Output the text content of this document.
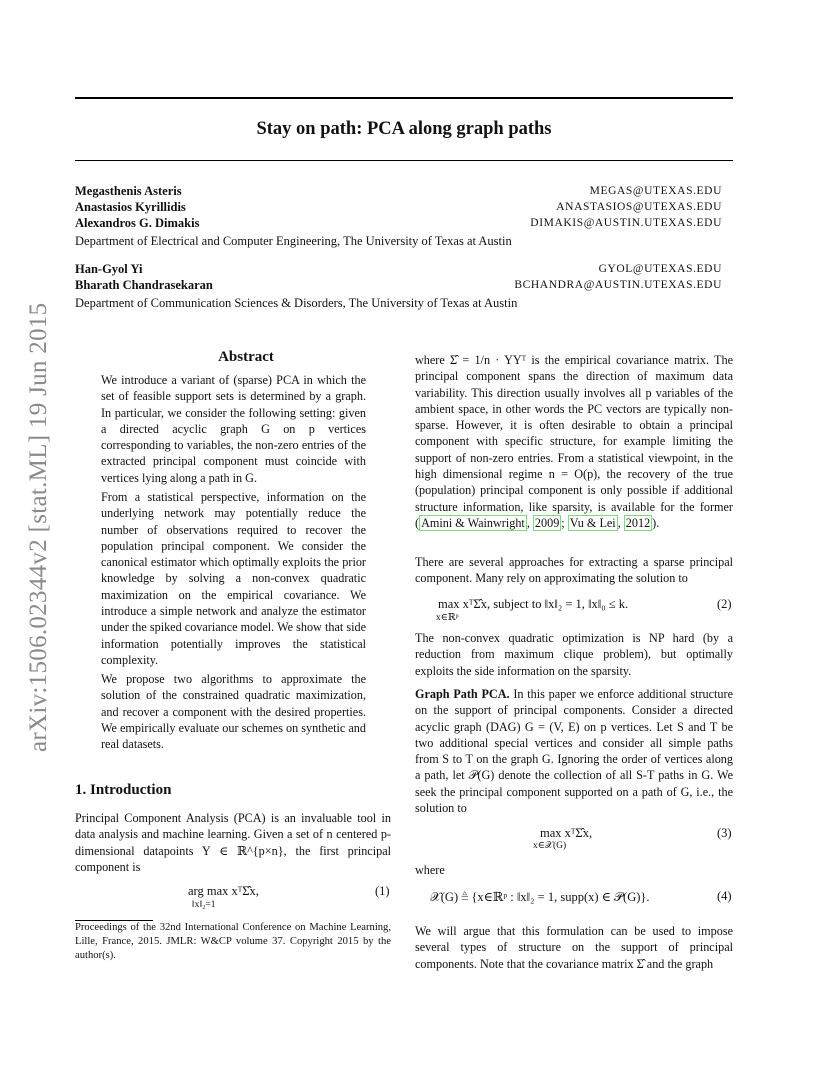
Stay on path: PCA along graph paths
arXiv:1506.02344v2 [stat.ML] 19 Jun 2015
Megasthenis Asteris	MEGAS@UTEXAS.EDU
Anastasios Kyrillidis	ANASTASIOS@UTEXAS.EDU
Alexandros G. Dimakis	DIMAKIS@AUSTIN.UTEXAS.EDU
Department of Electrical and Computer Engineering, The University of Texas at Austin
Han-Gyol Yi	GYOL@UTEXAS.EDU
Bharath Chandrasekaran	BCHANDRA@AUSTIN.UTEXAS.EDU
Department of Communication Sciences & Disorders, The University of Texas at Austin
Abstract

We introduce a variant of (sparse) PCA in which the set of feasible support sets is determined by a graph. In particular, we consider the following setting: given a directed acyclic graph G on p vertices corresponding to variables, the non-zero entries of the extracted principal component must coincide with vertices lying along a path in G.

From a statistical perspective, information on the underlying network may potentially reduce the number of observations required to recover the population principal component. We consider the canonical estimator which optimally exploits the prior knowledge by solving a non-convex quadratic maximization on the empirical covariance. We introduce a simple network and analyze the estimator under the spiked covariance model. We show that side information potentially improves the statistical complexity.

We propose two algorithms to approximate the solution of the constrained quadratic maximization, and recover a component with the desired properties. We empirically evaluate our schemes on synthetic and real datasets.

1. Introduction

Principal Component Analysis (PCA) is an invaluable tool in data analysis and machine learning. Given a set of n centered p-dimensional datapoints Y ∈ ℝ^{p×n}, the first principal component is

arg max xᵀΣ̂x,
‖x‖₂=1
(1)

Proceedings of the 32nd International Conference on Machine Learning, Lille, France, 2015. JMLR: W&CP volume 37. Copyright 2015 by the author(s).

where Σ̂ = 1/n · YYᵀ is the empirical covariance matrix. The principal component spans the direction of maximum data variability. This direction usually involves all p variables of the ambient space, in other words the PC vectors are typically non-sparse. However, it is often desirable to obtain a principal component with specific structure, for example limiting the support of non-zero entries. From a statistical viewpoint, in the high dimensional regime n = O(p), the recovery of the true (population) principal component is only possible if additional structure information, like sparsity, is available for the former ( Amini & Wainwright , 2009 ; Vu & Lei , 2012 ).

There are several approaches for extracting a sparse principal component. Many rely on approximating the solution to

max xᵀΣ̂x, subject to ‖x‖₂ = 1, ‖x‖₀ ≤ k.
x∈ℝᵖ
(2)

The non-convex quadratic optimization is NP hard (by a reduction from maximum clique problem), but optimally exploits the side information on the sparsity.

Graph Path PCA. In this paper we enforce additional structure on the support of principal components. Consider a directed acyclic graph (DAG) G = (V, E) on p vertices. Let S and T be two additional special vertices and consider all simple paths from S to T on the graph G. Ignoring the order of vertices along a path, let 𝒫(G) denote the collection of all S-T paths in G. We seek the principal component supported on a path of G, i.e., the solution to

max xᵀΣ̂x,
x∈𝒳(G)
(3)
where
𝒳(G) ≜ {x∈ℝᵖ : ‖x‖₂ = 1, supp(x) ∈ 𝒫(G)}.	(4)

We will argue that this formulation can be used to impose several types of structure on the support of principal components. Note that the covariance matrix Σ̂ and the graph
